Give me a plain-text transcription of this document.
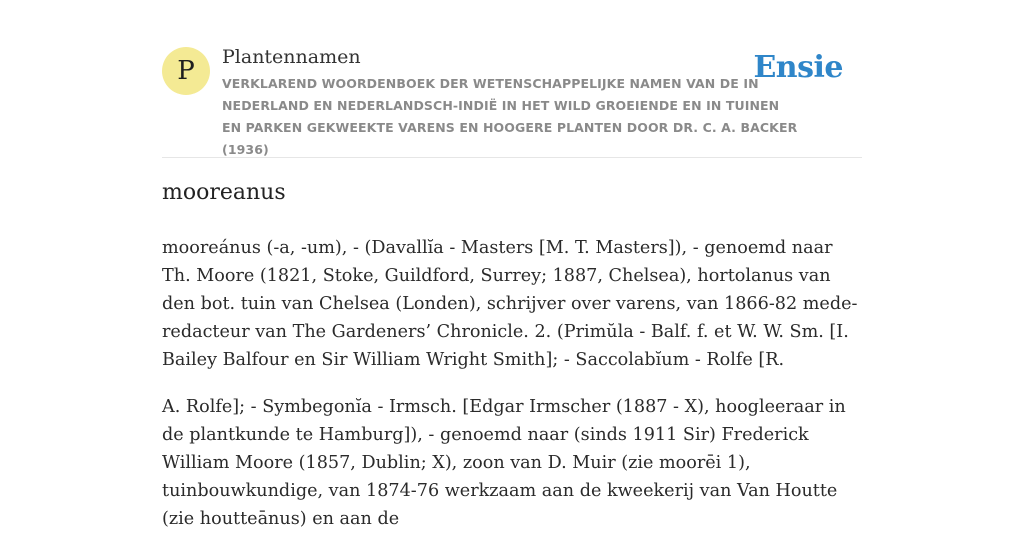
P Plantennamen
VERKLAREND WOORDENBOEK DER WETENSCHAPPELIJKE NAMEN VAN DE IN NEDERLAND EN NEDERLANDSCH-INDIË IN HET WILD GROEIENDE EN IN TUINEN EN PARKEN GEKWEEKTE VARENS EN HOOGERE PLANTEN DOOR DR. C. A. BACKER (1936)
Ensie
mooreanus

mooreánus (-a, -um), - (Davallĭa - Masters [M. T. Masters]), - genoemd naar Th. Moore (1821, Stoke, Guildford, Surrey; 1887, Chelsea), hortolanus van den bot. tuin van Chelsea (Londen), schrijver over varens, van 1866-82 mede-redacteur van The Gardeners’ Chronicle. 2. (Primŭla - Balf. f. et W. W. Sm. [I. Bailey Balfour en Sir William Wright Smith]; - Saccolabĭum - Rolfe [R.

A. Rolfe]; - Symbegonĭa - Irmsch. [Edgar Irmscher (1887 - X), hoogleeraar in de plantkunde te Hamburg]), - genoemd naar (sinds 1911 Sir) Frederick William Moore (1857, Dublin; X), zoon van D. Muir (zie moorēi 1), tuinbouwkundige, van 1874-76 werkzaam aan de kweekerij van Van Houtte (zie houtteānus) en aan de
